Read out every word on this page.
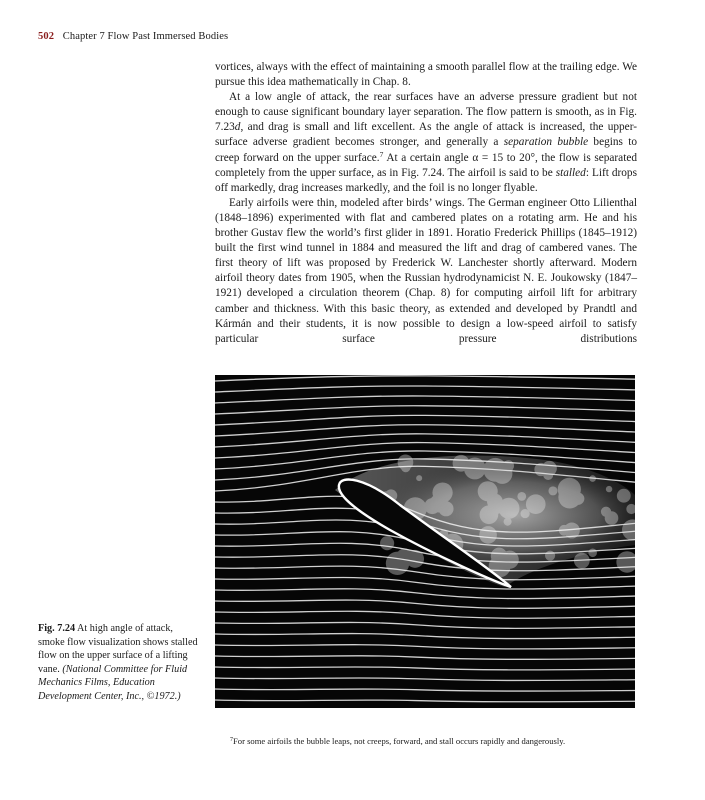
502 Chapter 7 Flow Past Immersed Bodies

vortices, always with the effect of maintaining a smooth parallel flow at the trailing edge. We pursue this idea mathematically in Chap. 8.

At a low angle of attack, the rear surfaces have an adverse pressure gradient but not enough to cause significant boundary layer separation. The flow pattern is smooth, as in Fig. 7.23d, and drag is small and lift excellent. As the angle of attack is increased, the upper-surface adverse gradient becomes stronger, and generally a separation bubble begins to creep forward on the upper surface.$^7$ At a certain angle α = 15 to 20°, the flow is separated completely from the upper surface, as in Fig. 7.24. The airfoil is said to be stalled: Lift drops off markedly, drag increases markedly, and the foil is no longer flyable.

Early airfoils were thin, modeled after birds’ wings. The German engineer Otto Lilienthal (1848–1896) experimented with flat and cambered plates on a rotating arm. He and his brother Gustav flew the world’s first glider in 1891. Horatio Frederick Phillips (1845–1912) built the first wind tunnel in 1884 and measured the lift and drag of cambered vanes. The first theory of lift was proposed by Frederick W. Lanchester shortly afterward. Modern airfoil theory dates from 1905, when the Russian hydrodynamicist N. E. Joukowsky (1847–1921) developed a circulation theorem (Chap. 8) for computing airfoil lift for arbitrary camber and thickness. With this basic theory, as extended and developed by Prandtl and Kármán and their students, it is now possible to design a low-speed airfoil to satisfy particular surface pressure distributions

Fig. 7.24 At high angle of attack, smoke flow visualization shows stalled flow on the upper surface of a lifting vane. (National Committee for Fluid Mechanics Films, Education Development Center, Inc., ©1972.)
$^7$For some airfoils the bubble leaps, not creeps, forward, and stall occurs rapidly and dangerously.
